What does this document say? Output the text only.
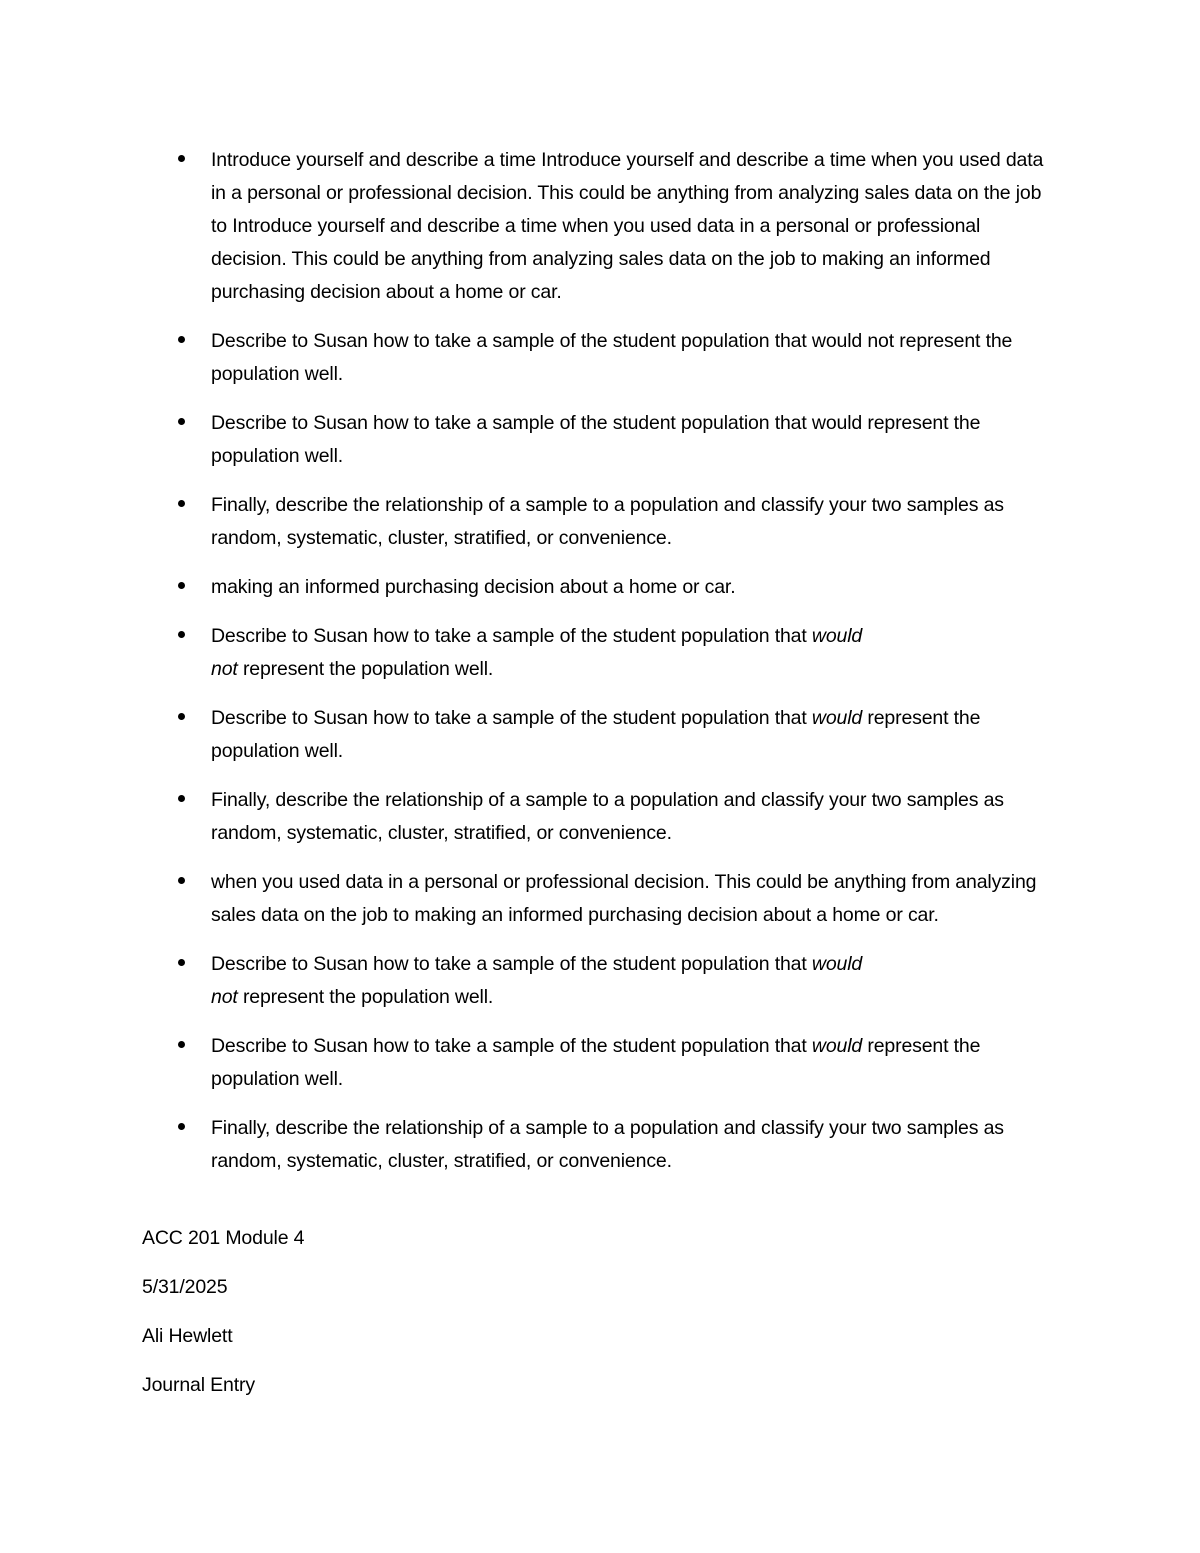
Introduce yourself and describe a time Introduce yourself and describe a time when you used data in a personal or professional decision. This could be anything from analyzing sales data on the job to Introduce yourself and describe a time when you used data in a personal or professional decision. This could be anything from analyzing sales data on the job to making an informed purchasing decision about a home or car.
Describe to Susan how to take a sample of the student population that would not represent the population well.
Describe to Susan how to take a sample of the student population that would represent the population well.
Finally, describe the relationship of a sample to a population and classify your two samples as random, systematic, cluster, stratified, or convenience.
making an informed purchasing decision about a home or car.
Describe to Susan how to take a sample of the student population that would
not represent the population well.
Describe to Susan how to take a sample of the student population that would represent the population well.
Finally, describe the relationship of a sample to a population and classify your two samples as random, systematic, cluster, stratified, or convenience.
when you used data in a personal or professional decision. This could be anything from analyzing sales data on the job to making an informed purchasing decision about a home or car.
Describe to Susan how to take a sample of the student population that would
not represent the population well.
Describe to Susan how to take a sample of the student population that would represent the population well.
Finally, describe the relationship of a sample to a population and classify your two samples as random, systematic, cluster, stratified, or convenience.

ACC 201 Module 4

5/31/2025

Ali Hewlett

Journal Entry
